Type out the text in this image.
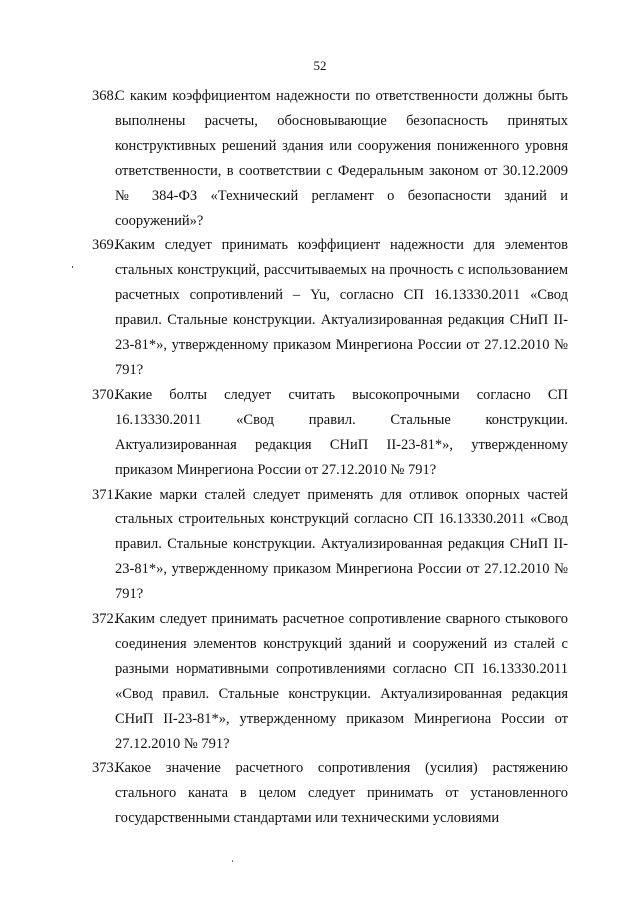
52
368.
С каким коэффициентом надежности по ответственности должны быть выполнены расчеты, обосновывающие безопасность принятых конструктивных решений здания или сооружения пониженного уровня ответственности, в соответствии с Федеральным законом от 30.12.2009 № 384-ФЗ «Технический регламент о безопасности зданий и сооружений»?
369.
Каким следует принимать коэффициент надежности для элементов стальных конструкций, рассчитываемых на прочность с использованием расчетных сопротивлений – Yu, согласно СП 16.13330.2011 «Свод правил. Стальные конструкции. Актуализированная редакция СНиП II-23-81*», утвержденному приказом Минрегиона России от 27.12.2010 № 791?
370.
Какие болты следует считать высокопрочными согласно СП 16.13330.2011 «Свод правил. Стальные конструкции. Актуализированная редакция СНиП II-23-81*», утвержденному приказом Минрегиона России от 27.12.2010 № 791?
371.
Какие марки сталей следует применять для отливок опорных частей стальных строительных конструкций согласно СП 16.13330.2011 «Свод правил. Стальные конструкции. Актуализированная редакция СНиП II-23-81*», утвержденному приказом Минрегиона России от 27.12.2010 № 791?
372.
Каким следует принимать расчетное сопротивление сварного стыкового соединения элементов конструкций зданий и сооружений из сталей с разными нормативными сопротивлениями согласно СП 16.13330.2011 «Свод правил. Стальные конструкции. Актуализированная редакция СНиП II-23-81*», утвержденному приказом Минрегиона России от 27.12.2010 № 791?
373.
Какое значение расчетного сопротивления (усилия) растяжению стального каната в целом следует принимать от установленного государственными стандартами или техническими условиями
